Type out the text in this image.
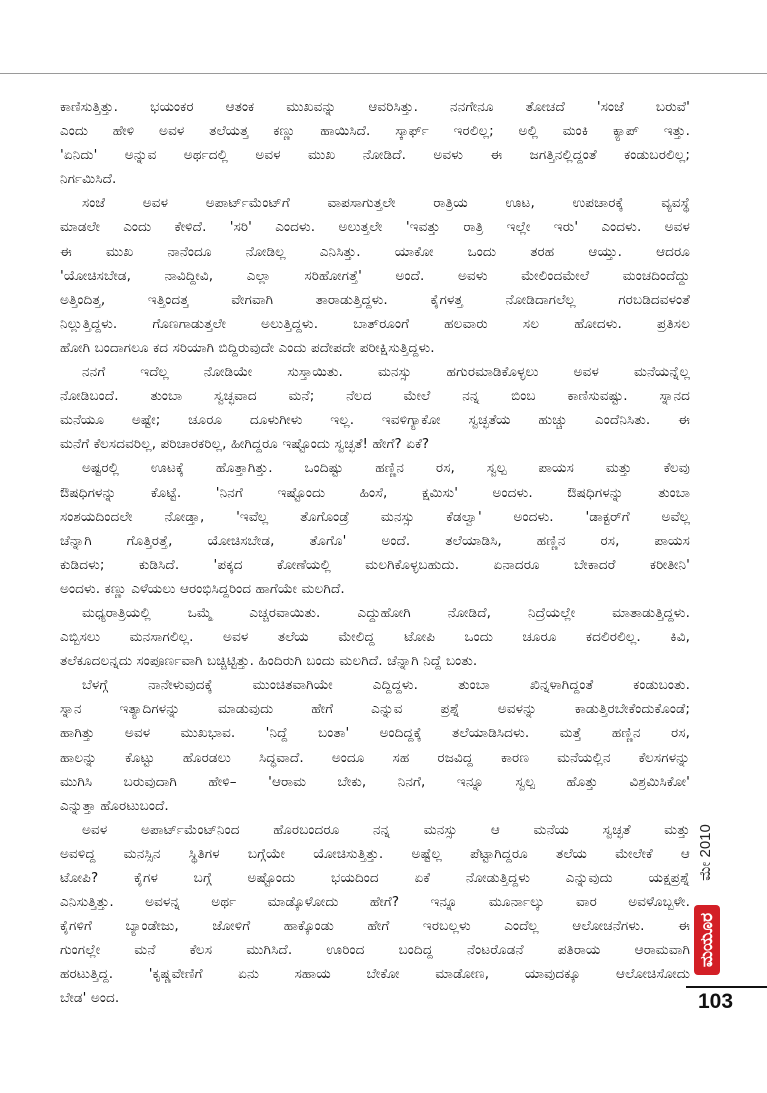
ಕಾಣಿಸುತ್ತಿತ್ತು. ಭಯಂಕರ ಆತಂಕ ಮುಖವನ್ನು ಆವರಿಸಿತ್ತು. ನನಗೇನೂ ತೋಚದೆ 'ಸಂಜೆ ಬರುವೆ'
ಎಂದು ಹೇಳಿ ಅವಳ ತಲೆಯತ್ತ ಕಣ್ಣು ಹಾಯಿಸಿದೆ. ಸ್ಕಾರ್ಫ್ ಇರಲಿಲ್ಲ; ಅಲ್ಲಿ ಮಂಕಿ ಕ್ಯಾಪ್ ಇತ್ತು.
'ಏನಿದು' ಅನ್ನುವ ಅರ್ಥದಲ್ಲಿ ಅವಳ ಮುಖ ನೋಡಿದೆ. ಅವಳು ಈ ಜಗತ್ತಿನಲ್ಲಿದ್ದಂತೆ ಕಂಡುಬರಲಿಲ್ಲ;
ನಿರ್ಗಮಿಸಿದೆ.
ಸಂಜೆ ಅವಳ ಅಪಾರ್ಟ್‌ಮೆಂಟ್‌ಗೆ ವಾಪಸಾಗುತ್ತಲೇ ರಾತ್ರಿಯ ಊಟ, ಉಪಚಾರಕ್ಕೆ ವ್ಯವಸ್ಥೆ
ಮಾಡಲೇ ಎಂದು ಕೇಳಿದೆ. 'ಸರಿ' ಎಂದಳು. ಅಲುತ್ತಲೇ 'ಇವತ್ತು ರಾತ್ರಿ ಇಲ್ಲೇ ಇರು' ಎಂದಳು. ಅವಳ
ಈ ಮುಖ ನಾನೆಂದೂ ನೋಡಿಲ್ಲ ಎನಿಸಿತ್ತು. ಯಾಕೋ ಒಂದು ತರಹ ಆಯ್ತು. ಆದರೂ
'ಯೋಚಿಸಬೇಡ, ನಾವಿದ್ದೀವಿ, ಎಲ್ಲಾ ಸರಿಹೋಗತ್ತೆ' ಅಂದೆ. ಅವಳು ಮೇಲಿಂದಮೇಲೆ ಮಂಚದಿಂದೆದ್ದು
ಅತ್ತಿಂದಿತ್ತ, ಇತ್ತಿಂದತ್ತ ವೇಗವಾಗಿ ತಾರಾಡುತ್ತಿದ್ದಳು. ಕೈಗಳತ್ತ ನೋಡಿದಾಗಲೆಲ್ಲ ಗರಬಡಿದವಳಂತೆ
ನಿಲ್ಲುತ್ತಿದ್ದಳು. ಗೊಣಗಾಡುತ್ತಲೇ ಅಲುತ್ತಿದ್ದಳು. ಬಾತ್‌ರೂಂಗೆ ಹಲವಾರು ಸಲ ಹೋದಳು. ಪ್ರತಿಸಲ
ಹೋಗಿ ಬಂದಾಗಲೂ ಕದ ಸರಿಯಾಗಿ ಬಿದ್ದಿರುವುದೇ ಎಂದು ಪದೇಪದೇ ಪರೀಕ್ಷಿಸುತ್ತಿದ್ದಳು.
ನನಗೆ ಇದೆಲ್ಲ ನೋಡಿಯೇ ಸುಸ್ತಾಯಿತು. ಮನಸ್ಸು ಹಗುರಮಾಡಿಕೊಳ್ಳಲು ಅವಳ ಮನೆಯನ್ನೆಲ್ಲ
ನೋಡಿಬಂದೆ. ತುಂಬಾ ಸ್ವಚ್ಛವಾದ ಮನೆ; ನೆಲದ ಮೇಲೆ ನನ್ನ ಬಿಂಬ ಕಾಣಿಸುವಷ್ಟು. ಸ್ನಾನದ
ಮನೆಯೂ ಅಷ್ಟೇ; ಚೂರೂ ದೂಳುಗೀಳು ಇಲ್ಲ. ಇವಳಿಗ್ಯಾಕೋ ಸ್ವಚ್ಛತೆಯ ಹುಚ್ಚು ಎಂದೆನಿಸಿತು. ಈ
ಮನೆಗೆ ಕೆಲಸದವರಿಲ್ಲ, ಪರಿಚಾರಕರಿಲ್ಲ, ಹೀಗಿದ್ದರೂ ಇಷ್ಟೊಂದು ಸ್ವಚ್ಛತೆ! ಹೇಗೆ? ಏಕೆ?
ಅಷ್ಟರಲ್ಲಿ ಊಟಕ್ಕೆ ಹೊತ್ತಾಗಿತ್ತು. ಒಂದಿಷ್ಟು ಹಣ್ಣಿನ ರಸ, ಸ್ವಲ್ಪ ಪಾಯಸ ಮತ್ತು ಕೆಲವು
ಔಷಧಿಗಳನ್ನು ಕೊಟ್ಟೆ. 'ನಿನಗೆ ಇಷ್ಟೊಂದು ಹಿಂಸೆ, ಕ್ಷಮಿಸು' ಅಂದಳು. ಔಷಧಿಗಳನ್ನು ತುಂಬಾ
ಸಂಶಯದಿಂದಲೇ ನೋಡ್ತಾ, 'ಇವೆಲ್ಲ ತೊಗೊಂಡ್ರೆ ಮನಸ್ಸು ಕೆಡಲ್ವಾ' ಅಂದಳು. 'ಡಾಕ್ಟರ್‌ಗೆ ಅವೆಲ್ಲ
ಚೆನ್ನಾಗಿ ಗೊತ್ತಿರತ್ತೆ, ಯೋಚಿಸಬೇಡ, ತೊಗೊ' ಅಂದೆ. ತಲೆಯಾಡಿಸಿ, ಹಣ್ಣಿನ ರಸ, ಪಾಯಸ
ಕುಡಿದಳು; ಕುಡಿಸಿದೆ. 'ಪಕ್ಕದ ಕೋಣೆಯಲ್ಲಿ ಮಲಗಿಕೊಳ್ಳಬಹುದು. ಏನಾದರೂ ಬೇಕಾದರೆ ಕರೀತೀನಿ'
ಅಂದಳು. ಕಣ್ಣು ಎಳೆಯಲು ಆರಂಭಿಸಿದ್ದರಿಂದ ಹಾಗೆಯೇ ಮಲಗಿದೆ.
ಮಧ್ಯರಾತ್ರಿಯಲ್ಲಿ ಒಮ್ಮೆ ಎಚ್ಚರವಾಯಿತು. ಎದ್ದುಹೋಗಿ ನೋಡಿದೆ, ನಿದ್ರೆಯಲ್ಲೇ ಮಾತಾಡುತ್ತಿದ್ದಳು.
ಎಬ್ಬಿಸಲು ಮನಸಾಗಲಿಲ್ಲ. ಅವಳ ತಲೆಯ ಮೇಲಿದ್ದ ಟೋಪಿ ಒಂದು ಚೂರೂ ಕದಲಿರಲಿಲ್ಲ. ಕಿವಿ,
ತಲೆಕೂದಲನ್ನದು ಸಂಪೂರ್ಣವಾಗಿ ಬಚ್ಚಿಟ್ಟಿತ್ತು. ಹಿಂದಿರುಗಿ ಬಂದು ಮಲಗಿದೆ. ಚೆನ್ನಾಗಿ ನಿದ್ದೆ ಬಂತು.
ಬೆಳಗ್ಗೆ ನಾನೇಳುವುದಕ್ಕೆ ಮುಂಚಿತವಾಗಿಯೇ ಎದ್ದಿದ್ದಳು. ತುಂಬಾ ಖಿನ್ನಳಾಗಿದ್ದಂತೆ ಕಂಡುಬಂತು.
ಸ್ನಾನ ಇತ್ಯಾದಿಗಳನ್ನು ಮಾಡುವುದು ಹೇಗೆ ಎನ್ನುವ ಪ್ರಶ್ನೆ ಅವಳನ್ನು ಕಾಡುತ್ತಿರಬೇಕೆಂದುಕೊಂಡೆ;
ಹಾಗಿತ್ತು ಅವಳ ಮುಖಭಾವ. 'ನಿದ್ದೆ ಬಂತಾ' ಅಂದಿದ್ದಕ್ಕೆ ತಲೆಯಾಡಿಸಿದಳು. ಮತ್ತೆ ಹಣ್ಣಿನ ರಸ,
ಹಾಲನ್ನು ಕೊಟ್ಟು ಹೊರಡಲು ಸಿದ್ಧವಾದೆ. ಅಂದೂ ಸಹ ರಜವಿದ್ದ ಕಾರಣ ಮನೆಯಲ್ಲಿನ ಕೆಲಸಗಳನ್ನು
ಮುಗಿಸಿ ಬರುವುದಾಗಿ ಹೇಳಿ– 'ಆರಾಮ ಬೇಕು, ನಿನಗೆ, ಇನ್ನೂ ಸ್ವಲ್ಪ ಹೊತ್ತು ವಿಶ್ರಮಿಸಿಕೋ'
ಎನ್ನುತ್ತಾ ಹೊರಟುಬಂದೆ.
ಅವಳ ಅಪಾರ್ಟ್‌ಮೆಂಟ್‌ನಿಂದ ಹೊರಬಂದರೂ ನನ್ನ ಮನಸ್ಸು ಆ ಮನೆಯ ಸ್ವಚ್ಛತೆ ಮತ್ತು
ಅವಳಿದ್ದ ಮನಸ್ಸಿನ ಸ್ಥಿತಿಗಳ ಬಗ್ಗೆಯೇ ಯೋಚಿಸುತ್ತಿತ್ತು. ಅಷ್ಟೆಲ್ಲ ಪೆಟ್ಟಾಗಿದ್ದರೂ ತಲೆಯ ಮೇಲೇಕೆ ಆ
ಟೋಪಿ? ಕೈಗಳ ಬಗ್ಗೆ ಅಷ್ಟೊಂದು ಭಯದಿಂದ ಏಕೆ ನೋಡುತ್ತಿದ್ದಳು ಎನ್ನುವುದು ಯಕ್ಷಪ್ರಶ್ನೆ
ಎನಿಸುತ್ತಿತ್ತು. ಅವಳನ್ನ ಅರ್ಥ ಮಾಡ್ಕೊಳೋದು ಹೇಗೆ? ಇನ್ನೂ ಮೂರ್ನಾಲ್ಕು ವಾರ ಅವಳೊಬ್ಬಳೇ.
ಕೈಗಳಿಗೆ ಬ್ಯಾಂಡೇಜು, ಜೋಳಿಗೆ ಹಾಕ್ಕೊಂಡು ಹೇಗೆ ಇರಬಲ್ಲಳು ಎಂದೆಲ್ಲ ಆಲೋಚನೆಗಳು. ಈ
ಗುಂಗಲ್ಲೇ ಮನೆ ಕೆಲಸ ಮುಗಿಸಿದೆ. ಊರಿಂದ ಬಂದಿದ್ದ ನೆಂಟರೊಡನೆ ಪತಿರಾಯ ಆರಾಮವಾಗಿ
ಹರಟುತ್ತಿದ್ದ. 'ಕೃಷ್ಣವೇಣಿಗೆ ಏನು ಸಹಾಯ ಬೇಕೋ ಮಾಡೋಣ, ಯಾವುದಕ್ಕೂ ಆಲೋಚಿಸೋದು
ಬೇಡ' ಅಂದ.
ಮೇ 2010
ಮಯೂರ
103
